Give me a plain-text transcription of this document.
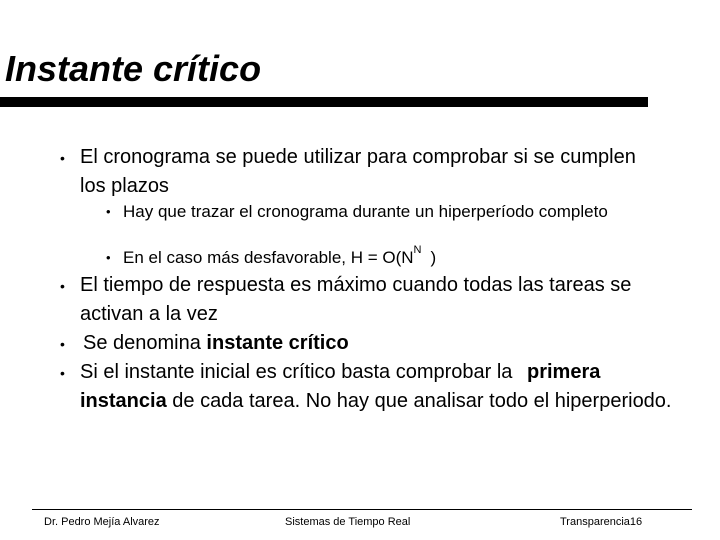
Instante crítico

• El cronograma se puede utilizar para comprobar si se cumplen los plazos

• Hay que trazar el cronograma durante un hiperperíodo completo

• En el caso más desfavorable, $H = O(N^N$ )

• El tiempo de respuesta es máximo cuando todas las tareas se activan a la vez

• Se denomina instante crítico

• Si el instante inicial es crítico basta comprobar la primera instancia de cada tarea. No hay que analisar todo el hiperperiodo.

Dr. Pedro Mejía Alvarez	Sistemas de Tiempo Real	Transparencia16
